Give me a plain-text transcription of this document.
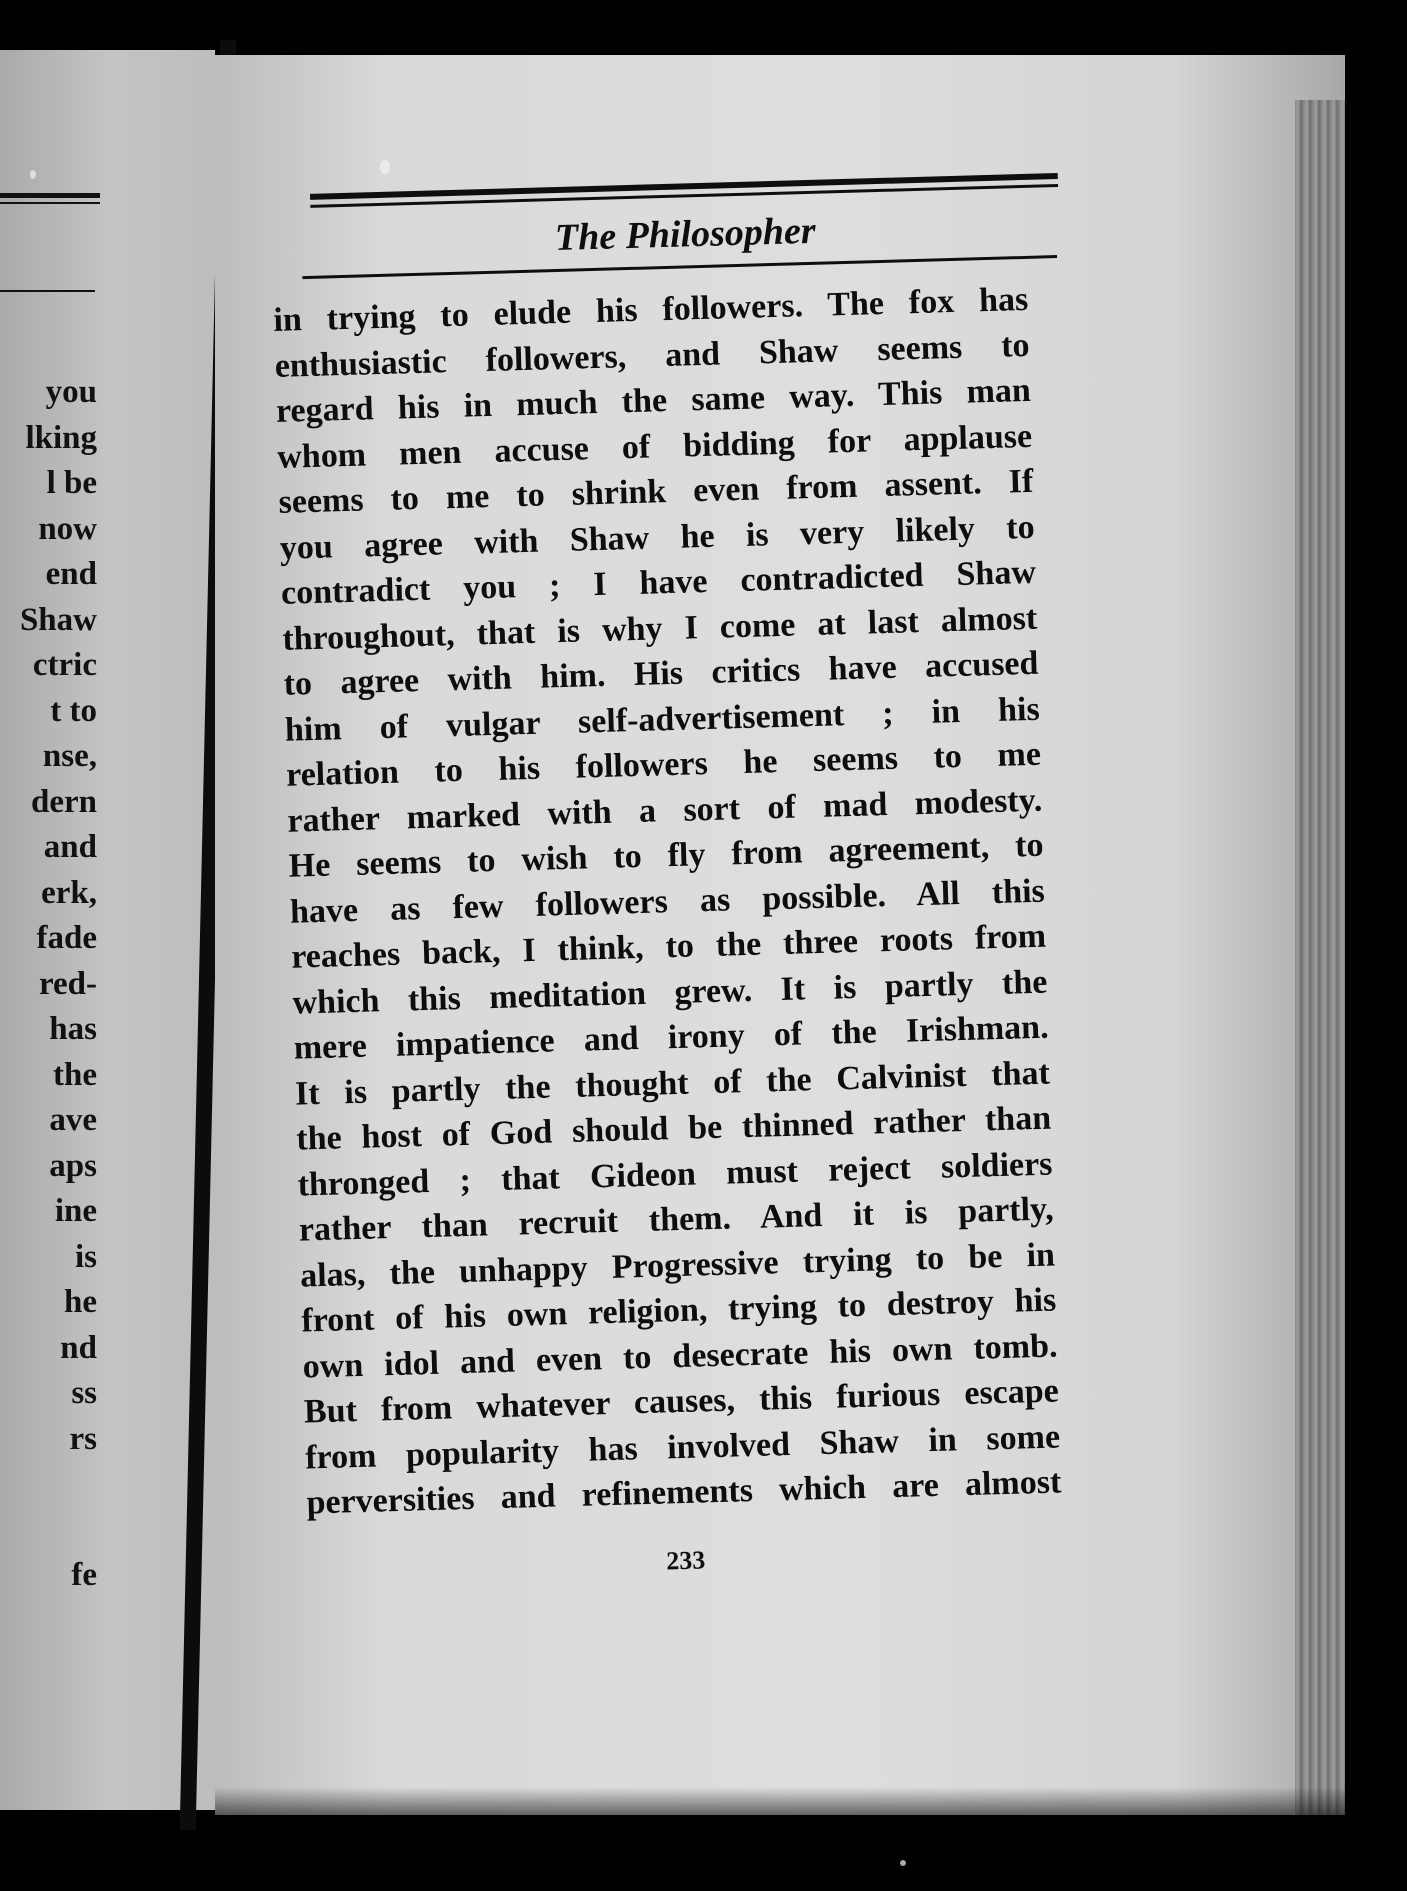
you
lking
l be
now
end
Shaw
ctric
t to
nse,
dern
and
erk,
fade
red-
has
the
ave
aps
ine
is
he
nd
ss
rs
fe
The Philosopher
in trying to elude his followers. The fox has
enthusiastic followers, and Shaw seems to
regard his in much the same way. This man
whom men accuse of bidding for applause
seems to me to shrink even from assent. If
you agree with Shaw he is very likely to
contradict you ; I have contradicted Shaw
throughout, that is why I come at last almost
to agree with him. His critics have accused
him of vulgar self-advertisement ; in his
relation to his followers he seems to me
rather marked with a sort of mad modesty.
He seems to wish to fly from agreement, to
have as few followers as possible. All this
reaches back, I think, to the three roots from
which this meditation grew. It is partly the
mere impatience and irony of the Irishman.
It is partly the thought of the Calvinist that
the host of God should be thinned rather than
thronged ; that Gideon must reject soldiers
rather than recruit them. And it is partly,
alas, the unhappy Progressive trying to be in
front of his own religion, trying to destroy his
own idol and even to desecrate his own tomb.
But from whatever causes, this furious escape
from popularity has involved Shaw in some
perversities and refinements which are almost
233
